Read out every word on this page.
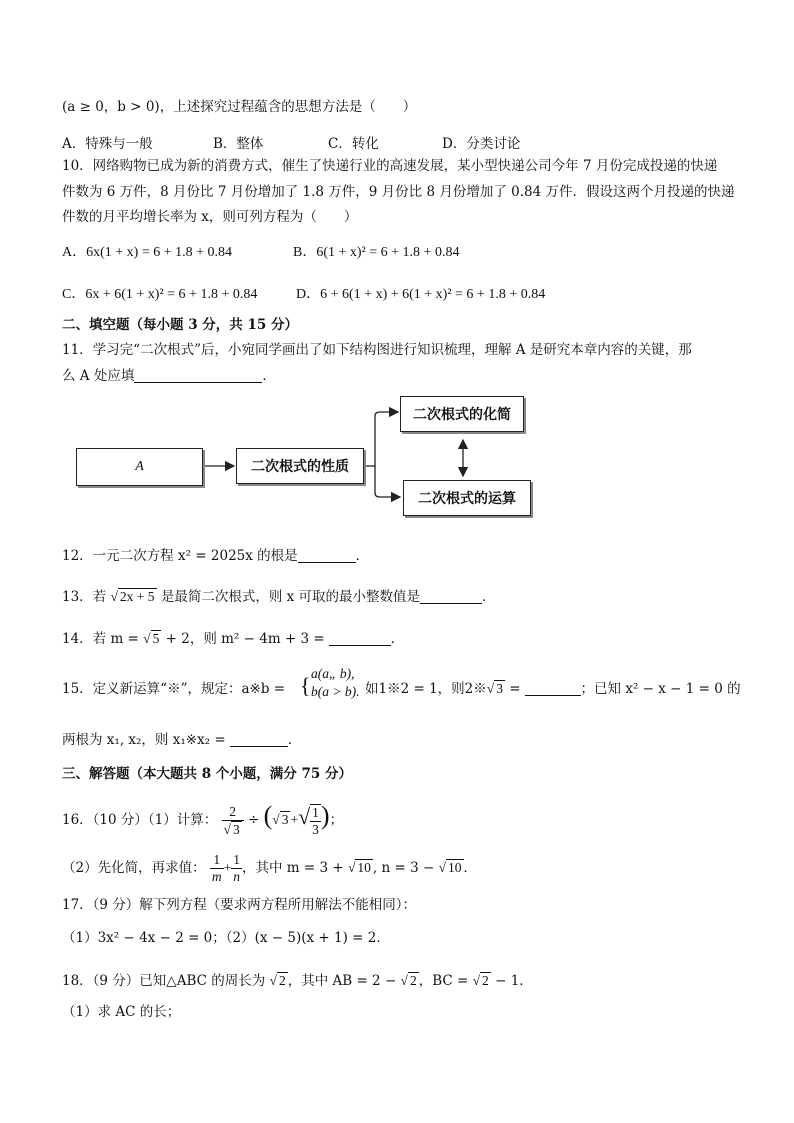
(a ≥ 0，b > 0)，上述探究过程蕴含的思想方法是（　　）
A．特殊与一般	B．整体	C．转化	D．分类讨论
10．网络购物已成为新的消费方式，催生了快递行业的高速发展，某小型快递公司今年 7 月份完成投递的快递
件数为 6 万件，8 月份比 7 月份增加了 1.8 万件，9 月份比 8 月份增加了 0.84 万件．假设这两个月投递的快递
件数的月平均增长率为 x，则可列方程为（　　）
A．6x(1 + x) = 6 + 1.8 + 0.84	B．6(1 + x)² = 6 + 1.8 + 0.84
C．6x + 6(1 + x)² = 6 + 1.8 + 0.84	D．6 + 6(1 + x) + 6(1 + x)² = 6 + 1.8 + 0.84
二、填空题（每小题 3 分，共 15 分）
11．学习完“二次根式”后，小宛同学画出了如下结构图进行知识梳理，理解 A 是研究本章内容的关键，那
么 A 处应填	．
A	二次根式的性质
二次根式的化简
二次根式的运算
12．一元二次方程 x² = 2025x 的根是	．
13．若 √ 2x + 5 是最简二次根式，则 x 可取的最小整数值是	．
14．若 m = √ 5 + 2，则 m² − 4m + 3 =	．
15．定义新运算“※”，规定：a※b = { a(a„ b),
b(a > b). 如1※2 = 1，则2※√ 3 =	；已知 x² − x − 1 = 0 的
两根为 x₁, x₂，则 x₁※x₂ =	．
三、解答题（本大题共 8 个小题，满分 75 分）
16．（10 分）（1）计算： $\frac{2}{√ 3}$ ÷ (√ 3 +√ $\frac{1}{3}$ )；
（2）先化简，再求值： $\frac{1}{m} + \frac{1}{n}$ ，其中 m = 3 + √ 10 , n = 3 − √ 10 ．
17．（9 分）解下列方程（要求两方程所用解法不能相同）：
（1）3x² − 4x − 2 = 0；（2）(x − 5)(x + 1) = 2．
18．（9 分）已知△ABC 的周长为 √ 2 ，其中 AB = 2 − √ 2 ，BC = √ 2 − 1．
（1）求 AC 的长；
